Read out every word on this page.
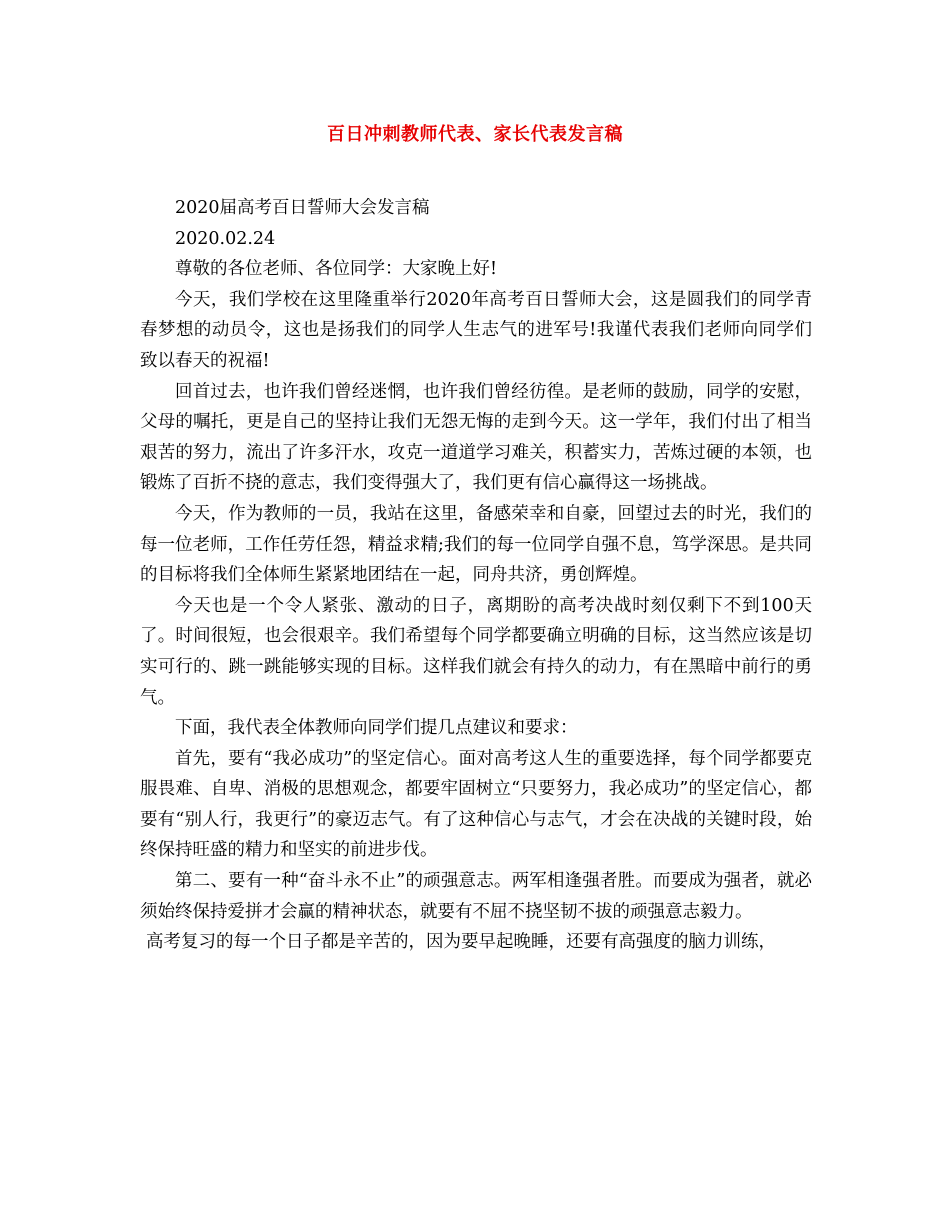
百日冲刺教师代表、家长代表发言稿

2020届高考百日誓师大会发言稿

2020.02.24

尊敬的各位老师、各位同学：大家晚上好!

今天，我们学校在这里隆重举行2020年高考百日誓师大会，这是圆我们的同学青春梦想的动员令，这也是扬我们的同学人生志气的进军号!我谨代表我们老师向同学们致以春天的祝福!

回首过去，也许我们曾经迷惘，也许我们曾经彷徨。是老师的鼓励，同学的安慰，父母的嘱托，更是自己的坚持让我们无怨无悔的走到今天。这一学年，我们付出了相当艰苦的努力，流出了许多汗水，攻克一道道学习难关，积蓄实力，苦炼过硬的本领，也锻炼了百折不挠的意志，我们变得强大了，我们更有信心赢得这一场挑战。

今天，作为教师的一员，我站在这里，备感荣幸和自豪，回望过去的时光，我们的每一位老师，工作任劳任怨，精益求精;我们的每一位同学自强不息，笃学深思。是共同的目标将我们全体师生紧紧地团结在一起，同舟共济，勇创辉煌。

今天也是一个令人紧张、激动的日子，离期盼的高考决战时刻仅剩下不到100天了。时间很短，也会很艰辛。我们希望每个同学都要确立明确的目标，这当然应该是切实可行的、跳一跳能够实现的目标。这样我们就会有持久的动力，有在黑暗中前行的勇气。

下面，我代表全体教师向同学们提几点建议和要求：

首先，要有“我必成功”的坚定信心。面对高考这人生的重要选择，每个同学都要克服畏难、自卑、消极的思想观念，都要牢固树立“只要努力，我必成功”的坚定信心，都要有“别人行，我更行”的豪迈志气。有了这种信心与志气，才会在决战的关键时段，始终保持旺盛的精力和坚实的前进步伐。

第二、要有一种“奋斗永不止”的顽强意志。两军相逢强者胜。而要成为强者，就必须始终保持爱拼才会赢的精神状态，就要有不屈不挠坚韧不拔的顽强意志毅力。

高考复习的每一个日子都是辛苦的，因为要早起晚睡，还要有高强度的脑力训练，
